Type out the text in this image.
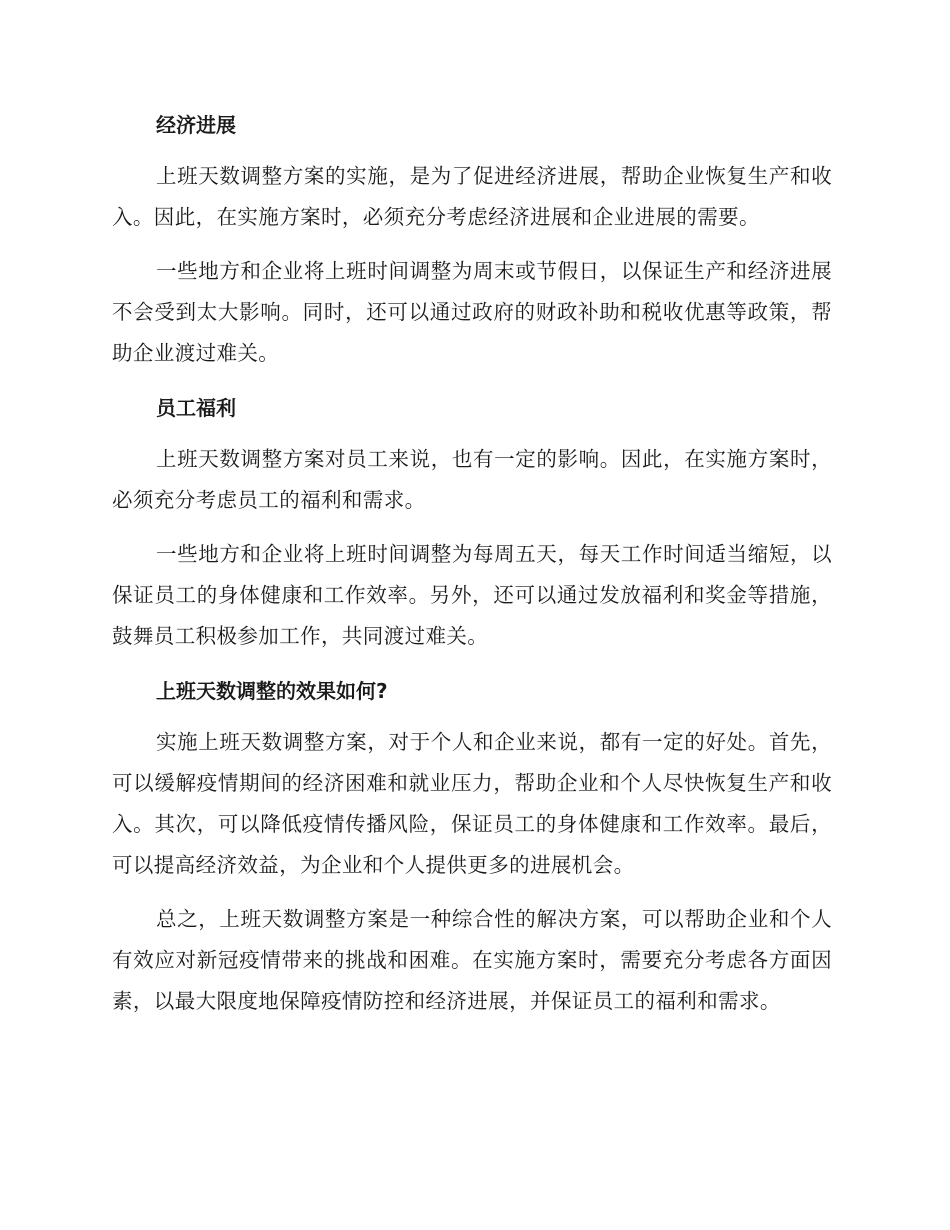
经济进展

上班天数调整方案的实施，是为了促进经济进展，帮助企业恢复生产和收入。因此，在实施方案时，必须充分考虑经济进展和企业进展的需要。

一些地方和企业将上班时间调整为周末或节假日，以保证生产和经济进展不会受到太大影响。同时，还可以通过政府的财政补助和税收优惠等政策，帮助企业渡过难关。

员工福利

上班天数调整方案对员工来说，也有一定的影响。因此，在实施方案时，必须充分考虑员工的福利和需求。

一些地方和企业将上班时间调整为每周五天，每天工作时间适当缩短，以保证员工的身体健康和工作效率。另外，还可以通过发放福利和奖金等措施，鼓舞员工积极参加工作，共同渡过难关。

上班天数调整的效果如何?

实施上班天数调整方案，对于个人和企业来说，都有一定的好处。首先，可以缓解疫情期间的经济困难和就业压力，帮助企业和个人尽快恢复生产和收入。其次，可以降低疫情传播风险，保证员工的身体健康和工作效率。最后，可以提高经济效益，为企业和个人提供更多的进展机会。

总之，上班天数调整方案是一种综合性的解决方案，可以帮助企业和个人有效应对新冠疫情带来的挑战和困难。在实施方案时，需要充分考虑各方面因素，以最大限度地保障疫情防控和经济进展，并保证员工的福利和需求。
